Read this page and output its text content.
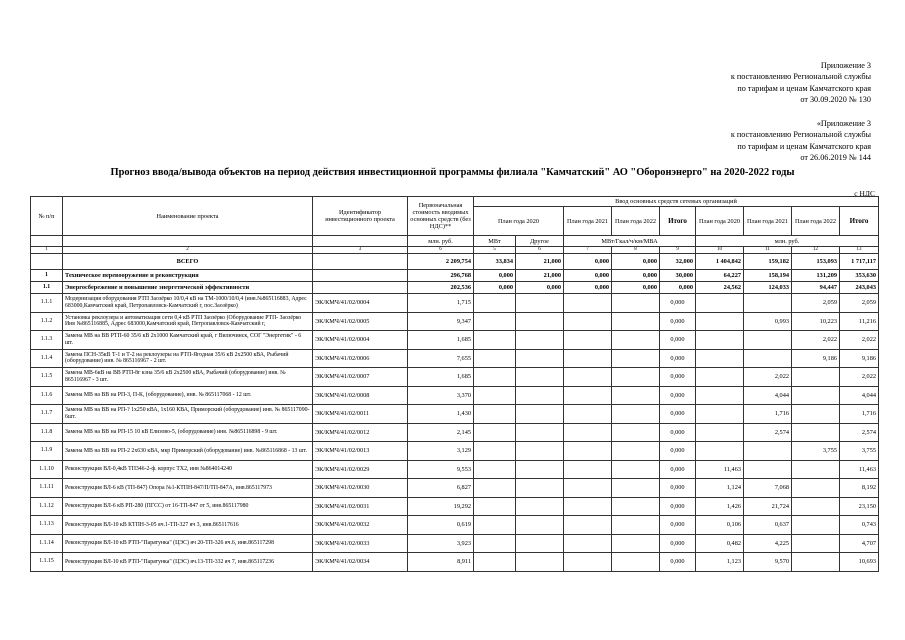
Приложение 3
к постановлению Региональной службы
по тарифам и ценам Камчатского края
от 30.09.2020 № 130
«Приложение 3
к постановлению Региональной службы
по тарифам и ценам Камчатского края
от 26.06.2019 № 144
Прогноз ввода/вывода объектов на период действия инвестиционной программы филиала "Камчатский" АО "Оборонэнерго" на 2020-2022 годы
с НДС
№ п/п	Наименование проекта	Идентификатор инвестиционного проекта	Первоначальная стоимость вводимых основных средств (без НДС)**	Ввод основных средств сетевых организаций								
				План года 2020		План года 2021	План года 2022	Итого	План года 2020	План года 2021	План года 2022	Итого
			млн. руб.	МВт	Другое	МВт/Гкал/ч/км/МВА			млн. руб.			
1	2	3	6	5	6	7	8	9	10	11	12	13
	ВСЕГО		2 209,754	33,834	21,000	0,000	0,000	32,000	1 404,842	159,182	153,093	1 717,117
1	Техническое перевооружение и реконструкция		296,768	0,000	21,000	0,000	0,000	30,000	64,227	158,194	131,209	353,630
1.1	Энергосбережение и повышение энергетической эффективности		202,536	0,000	0,000	0,000	0,000	0,000	24,562	124,033	94,447	243,043
1.1.1	Модернизация оборудования РТП Заозёрко 10/0,4 кВ на ТМ-1000/10/0,4 (инв.№865116883, Адрес 683000,Камчатский край, Петропавловск-Камчатский г, пос.Заозёрко)	ЭК/КМЧ/41/02/0004	1,715					0,000			2,059	2,059
1.1.2	Установка реклоузера и автоматизация сети 0,4 кВ РТП Заозёрко (Оборудование РТП- Заозёрко Инв №865116885, Адрес 683000,Камчатский край, Петропавловск-Камчатский г,	ЭК/КМЧ/41/02/0005	9,347					0,000		0,993	10,223	11,216
1.1.3	Замена МВ на ВВ РТП-60 35/6 кВ 2х1000 Камчатский край, г Вилючинск, СОГ "Энергетик" - 6 шт.	ЭК/КМЧ/41/02/0004	1,685					0,000			2,022	2,022
1.1.4	Замена ПСН-35кВ Т-1 и Т-2 на реклоузеры на РТП-Ягодная 35/6 кВ 2х2500 кВА, Рыбачий (оборудование) инв. № 865116967 - 2 шт.	ЭК/КМЧ/41/02/0006	7,655					0,000			9,186	9,186
1.1.5	Замена МВ-6кВ на ВВ РТП-8г кзна 35/6 кВ 2х2500 кВА, Рыбачий (оборудование) инв. № 865116967 - 3 шт.	ЭК/КМЧ/41/02/0007	1,685					0,000		2,022		2,022
1.1.6	Замена МВ на ВВ на РП-3, П-К, (оборудование), инв. № 865117068 - 12 шт.	ЭК/КМЧ/41/02/0008	3,370					0,000		4,044		4,044
1.1.7	Замена МВ на ВВ на РП-? 1х250 кВА, 1х160 КВА, Приморский (оборудование) инв. № 865117090- 6шт.	ЭК/КМЧ/41/02/0011	1,430					0,000		1,716		1,716
1.1.8	Замена МВ на ВВ на РП-15 10 кВ Елизово-5, (оборудование) инв. №865116898 - 9 шт.	ЭК/КМЧ/41/02/0012	2,145					0,000		2,574		2,574
1.1.9	Замена МВ на ВВ на РП-2 2х630 кВА, мкр Приморский (оборудование) инв. №865116868 - 13 шт.	ЭК/КМЧ/41/02/0013	3,129					0,000			3,755	3,755
1.1.10	Реконструкция ВЛ-0,4кВ ТП346-2-ф. корпус ТХ2, инв №864014240	ЭК/КМЧ/41/02/0029	9,553					0,000	11,463			11,463
1.1.11	Реконструкция ВЛ-6 кВ (ТП-847) Опора №1-КТПН-847/П/ТП-847А, инв.865117973	ЭК/КМЧ/41/02/0030	6,827					0,000	1,124	7,068		8,192
1.1.12	Реконструкция ВЛ-6 кВ РП-280 (ПГСС) от 16-ТП-847 от 5, инв.865117980	ЭК/КМЧ/41/02/0031	19,292					0,000	1,426	21,724		23,150
1.1.13	Реконструкция ВЛ-10 кВ КТПН-3-05 яч.1-ТП-327 яч 3, инв.865117616	ЭК/КМЧ/41/02/0032	0,619					0,000	0,106	0,637		0,743
1.1.14	Реконструкция ВЛ-10 кВ РТП-"Паратунка" (ЦЭС) яч 20-ТП-326 яч.6, инв.865117298	ЭК/КМЧ/41/02/0033	3,923					0,000	0,482	4,225		4,707
1.1.15	Реконструкция ВЛ-10 кВ РТП-"Паратунка" (ЦЭС) яч.13-ТП-332 яч 7, инв.865117236	ЭК/КМЧ/41/02/0034	8,911					0,000	1,123	9,570		10,693
